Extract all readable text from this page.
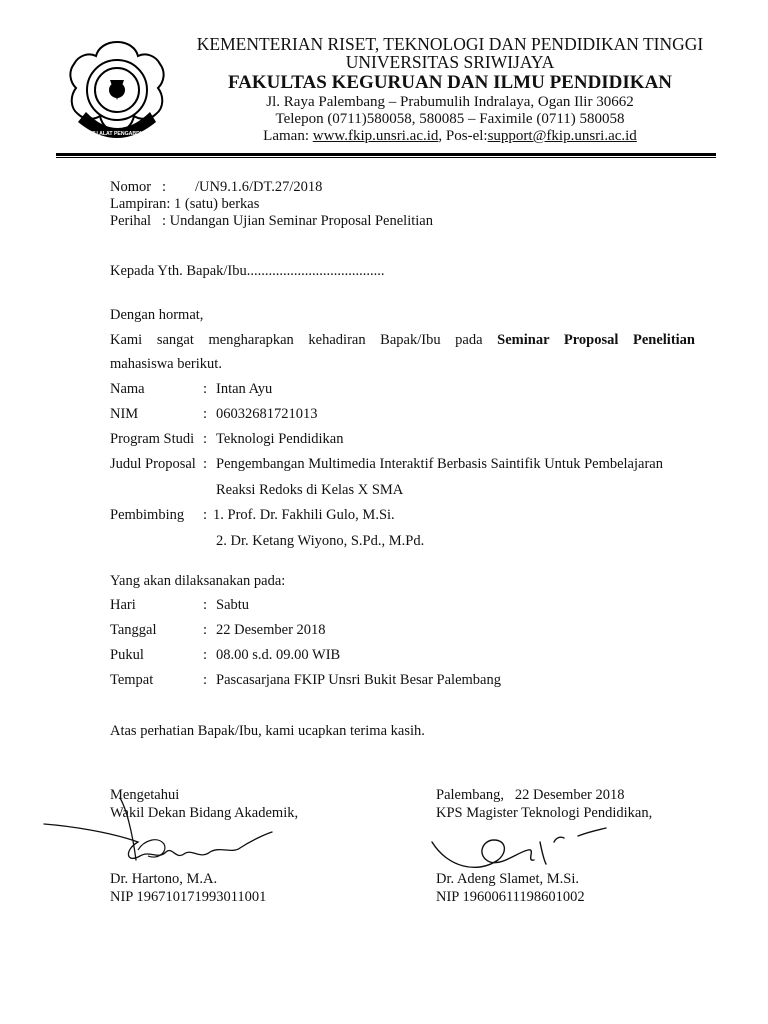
ILMU ALAT PENGABDIAN
KEMENTERIAN RISET, TEKNOLOGI DAN PENDIDIKAN TINGGI
UNIVERSITAS SRIWIJAYA
FAKULTAS KEGURUAN DAN ILMU PENDIDIKAN
Jl. Raya Palembang – Prabumulih Indralaya, Ogan Ilir 30662
Telepon (0711)580058, 580085 – Faximile (0711) 580058
Laman: www.fkip.unsri.ac.id, Pos-el:support@fkip.unsri.ac.id
Nomor   :        /UN9.1.6/DT.27/2018
Lampiran: 1 (satu) berkas
Perihal   : Undangan Ujian Seminar Proposal Penelitian
Kepada Yth. Bapak/Ibu......................................
Dengan hormat,
Kami sangat mengharapkan kehadiran Bapak/Ibu pada Seminar Proposal Penelitian
mahasiswa berikut.
Nama	: Intan Ayu
NIM	: 06032681721013
Program Studi : Teknologi Pendidikan
Judul Proposal : Pengembangan Multimedia Interaktif Berbasis Saintifik Untuk Pembelajaran
Reaksi Redoks di Kelas X SMA
Pembimbing : 1. Prof. Dr. Fakhili Gulo, M.Si.
2. Dr. Ketang Wiyono, S.Pd., M.Pd.
Yang akan dilaksanakan pada:
Hari	: Sabtu
Tanggal	: 22 Desember 2018
Pukul	: 08.00 s.d. 09.00 WIB
Tempat	: Pascasarjana FKIP Unsri Bukit Besar Palembang
Atas perhatian Bapak/Ibu, kami ucapkan terima kasih.
Mengetahui
Wakil Dekan Bidang Akademik,
Dr. Hartono, M.A.
NIP 196710171993011001
Palembang,   22 Desember 2018
KPS Magister Teknologi Pendidikan,
Dr. Adeng Slamet, M.Si.
NIP 19600611198601002
